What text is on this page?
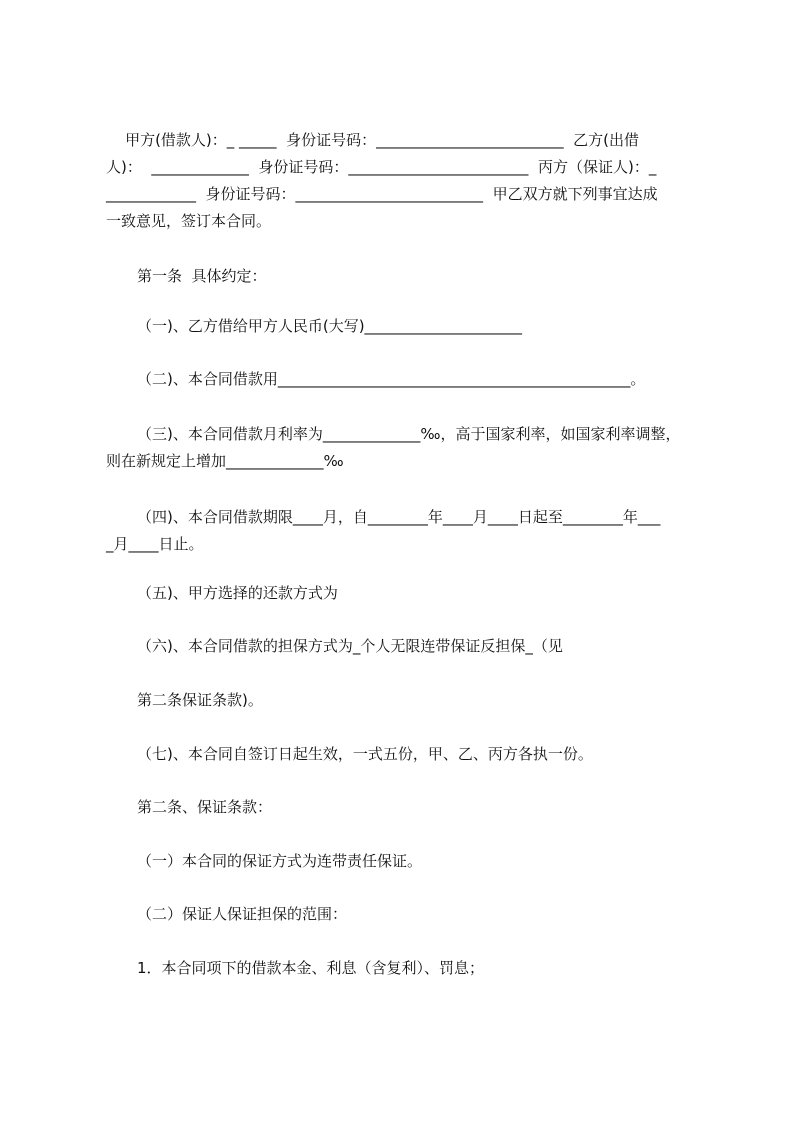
甲方(借款人)：_ _____  身份证号码：_________________________  乙方(出借
人)：  _____________  身份证号码：________________________  丙方（保证人)：_
____________  身份证号码：_________________________  甲乙双方就下列事宜达成
一致意见，签订本合同。
第一条  具体约定：
（一)、乙方借给甲方人民币(大写)_____________________
（二)、本合同借款用_______________________________________________。
（三)、本合同借款月利率为_____________‰，高于国家利率，如国家利率调整，
则在新规定上增加_____________‰
（四)、本合同借款期限____月，自________年____月____日起至________年___
_月____日止。
（五)、甲方选择的还款方式为
（六)、本合同借款的担保方式为_个人无限连带保证反担保_（见
第二条保证条款)。
（七)、本合同自签订日起生效，一式五份，甲、乙、丙方各执一份。
第二条、保证条款：
（一）本合同的保证方式为连带责任保证。
（二）保证人保证担保的范围：
1．本合同项下的借款本金、利息（含复利）、罚息；
